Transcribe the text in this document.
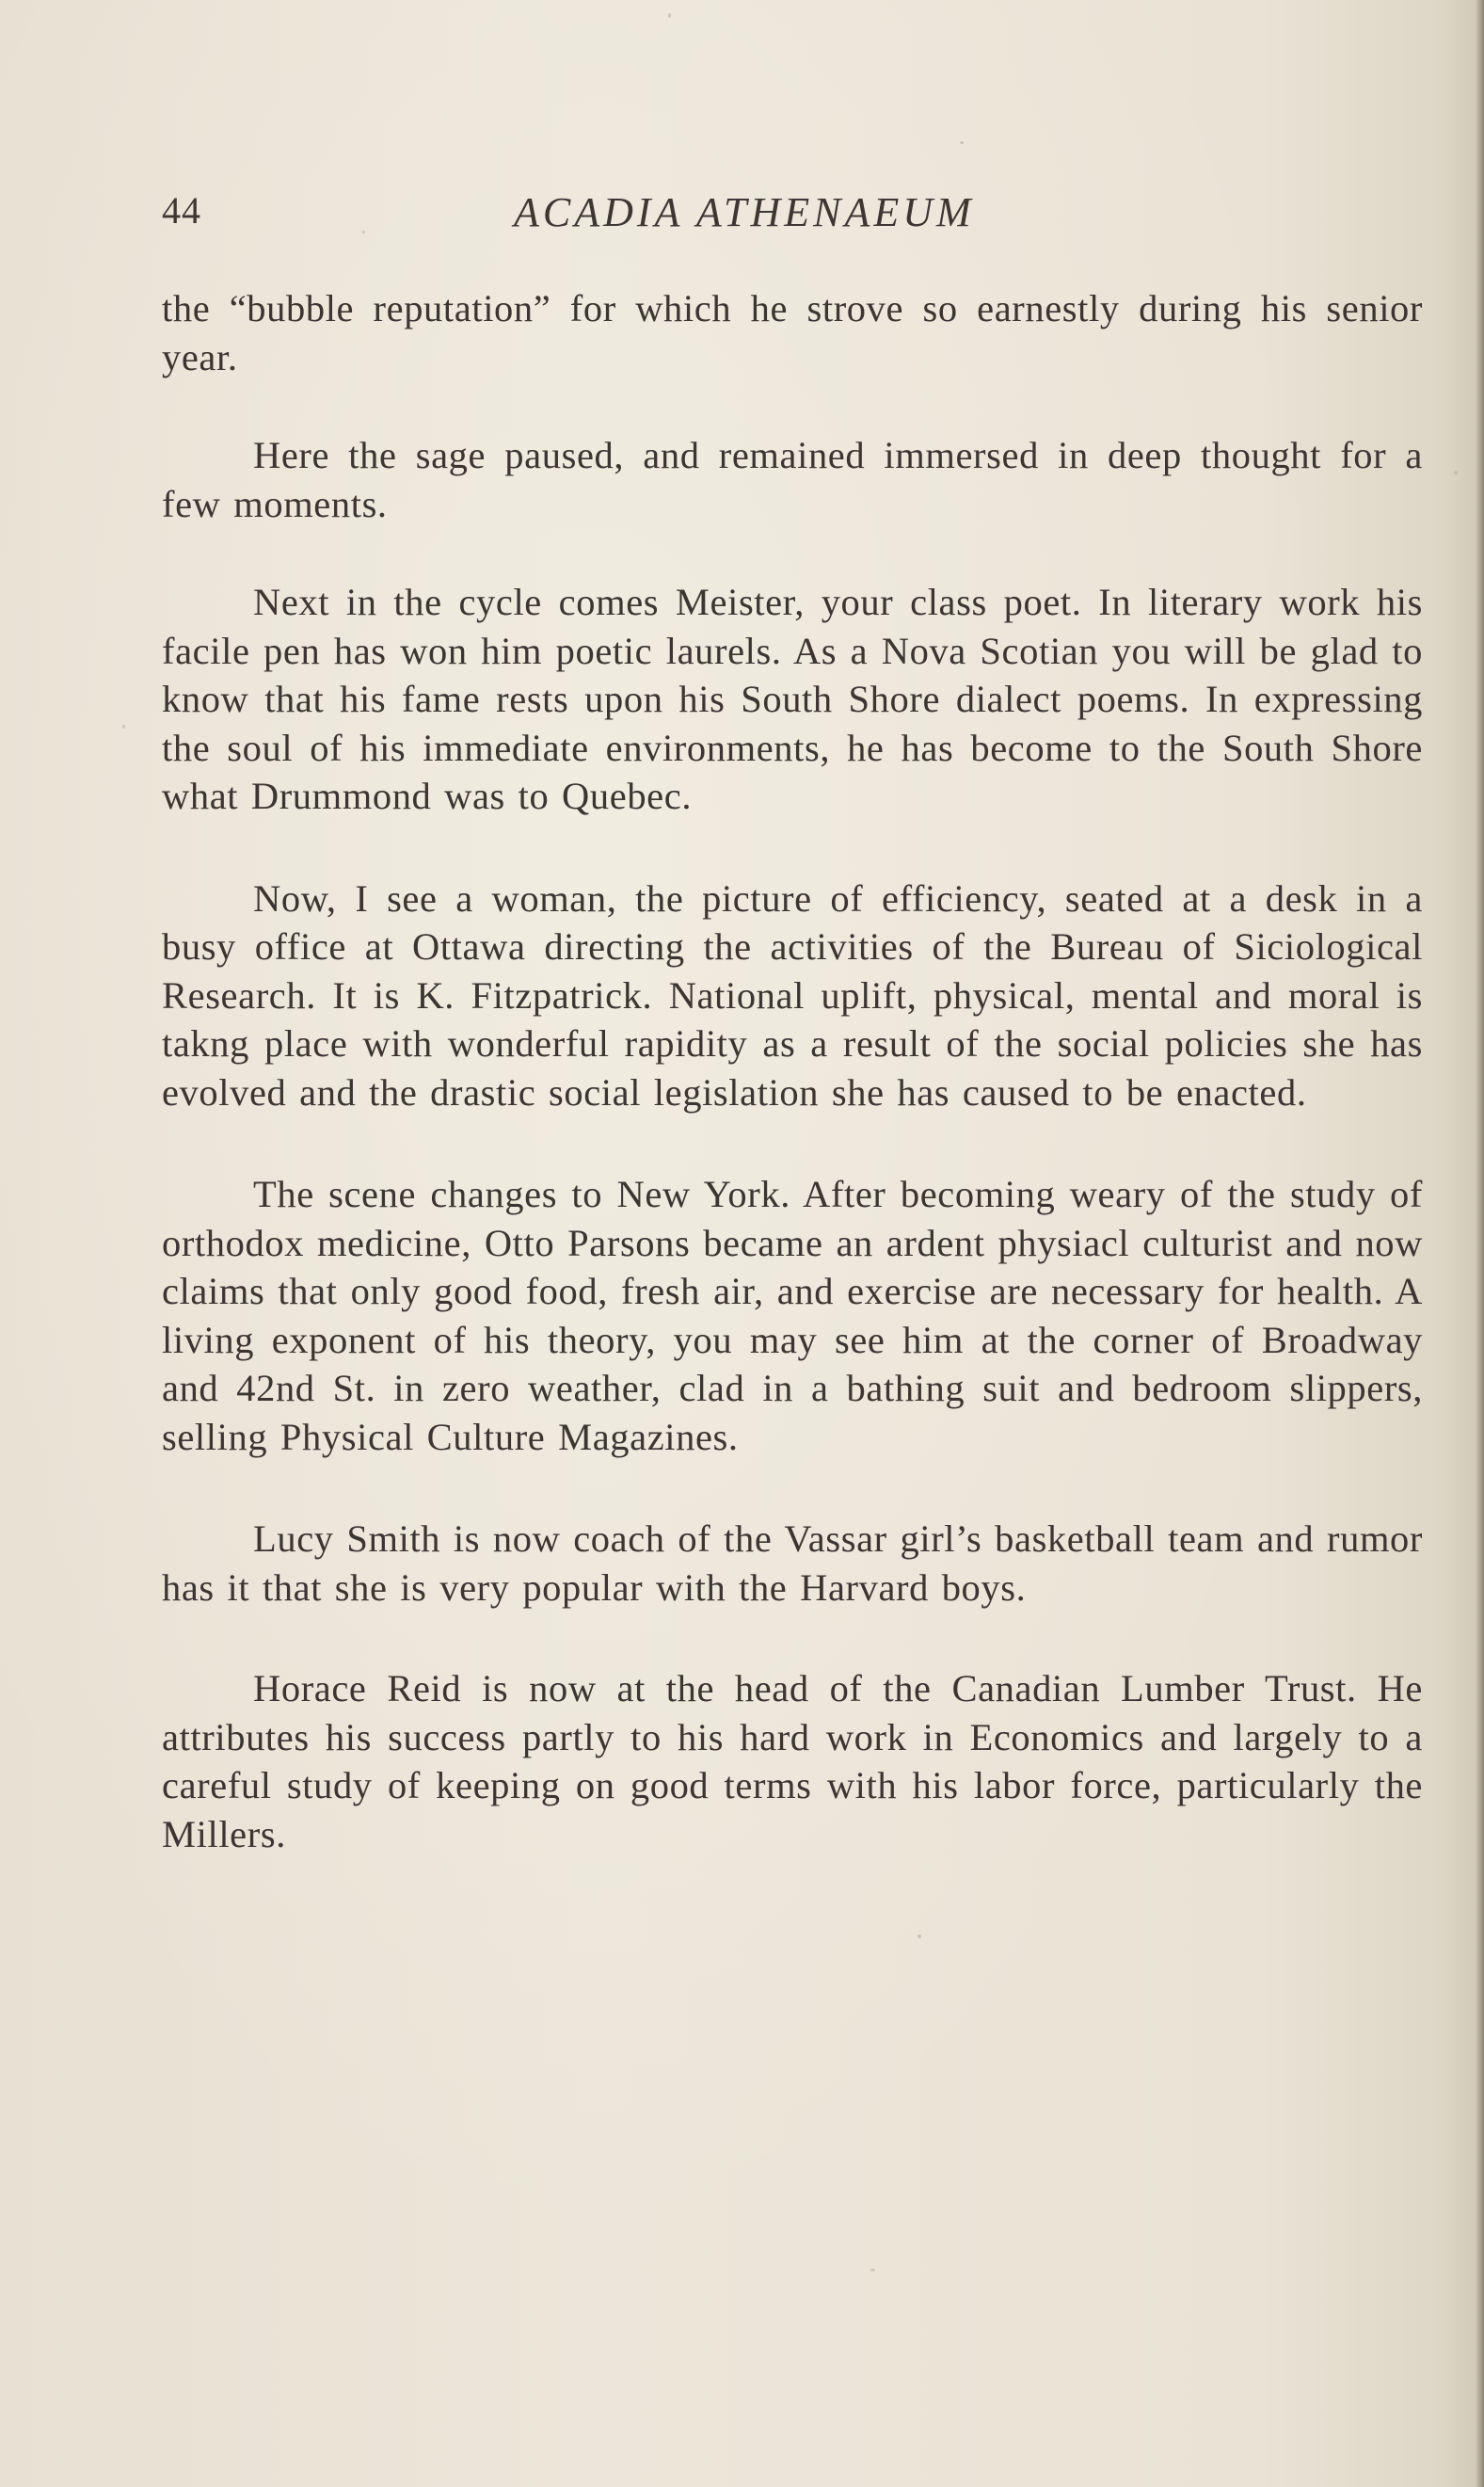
44	ACADIA ATHENAEUM

the “bubble reputation” for which he strove so earnestly during his senior year.

Here the sage paused, and remained immersed in deep thought for a few moments.

Next in the cycle comes Meister, your class poet. In literary work his facile pen has won him poetic laurels. As a Nova Scotian you will be glad to know that his fame rests upon his South Shore dialect poems. In expressing the soul of his immediate environments, he has become to the South Shore what Drummond was to Quebec.

Now, I see a woman, the picture of efficiency, seated at a desk in a busy office at Ottawa directing the activities of the Bureau of Siciological Research. It is K. Fitzpatrick. National uplift, physical, mental and moral is takng place with wonderful rapidity as a result of the social policies she has evolved and the drastic social legislation she has caused to be enacted.

The scene changes to New York. After becoming weary of the study of orthodox medicine, Otto Parsons became an ardent physiacl culturist and now claims that only good food, fresh air, and exercise are necessary for health. A living exponent of his theory, you may see him at the corner of Broadway and 42nd St. in zero weather, clad in a bathing suit and bedroom slippers, selling Physical Culture Magazines.

Lucy Smith is now coach of the Vassar girl’s basketball team and rumor has it that she is very popular with the Harvard boys.

Horace Reid is now at the head of the Canadian Lumber Trust. He attributes his success partly to his hard work in Economics and largely to a careful study of keeping on good terms with his labor force, particularly the Millers.
